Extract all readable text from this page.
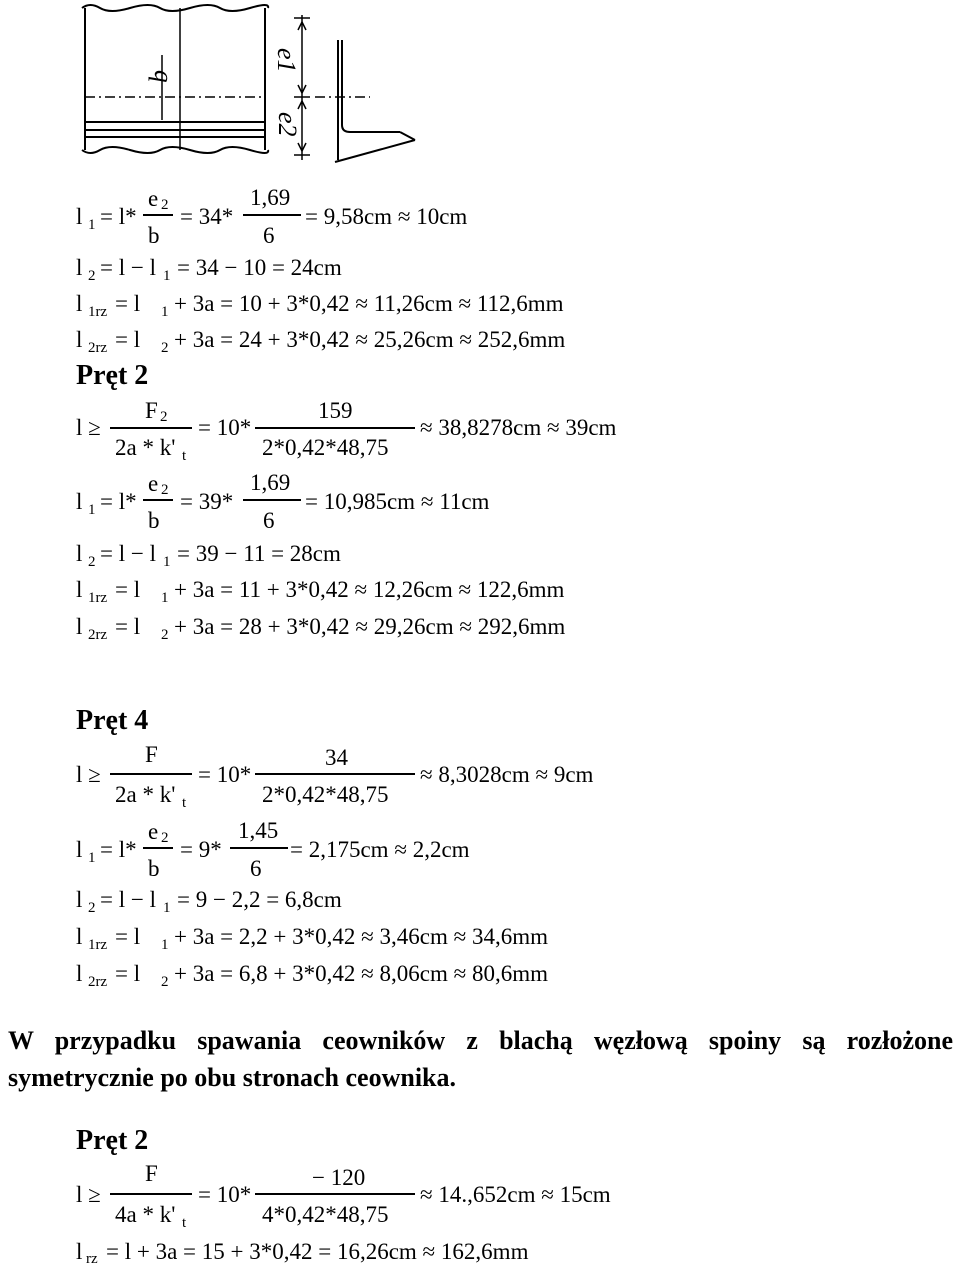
b
e1
e2
l 1 = l*
e 2
b
= 34*
1,69
6
= 9,58cm ≈ 10cm
l 2 = l − l 1 = 34 − 10 = 24cm
l 1rz = l 1 + 3a = 10 + 3*0,42 ≈ 11,26cm ≈ 112,6mm
l 2rz = l 2 + 3a = 24 + 3*0,42 ≈ 25,26cm ≈ 252,6mm
Pręt 2
l ≥
F 2
2a * k' t
= 10*
159
2*0,42*48,75
≈ 38,8278cm ≈ 39cm
l 1 = l*
e 2
b
= 39*
1,69
6
= 10,985cm ≈ 11cm
l 2 = l − l 1 = 39 − 11 = 28cm
l 1rz = l 1 + 3a = 11 + 3*0,42 ≈ 12,26cm ≈ 122,6mm
l 2rz = l 2 + 3a = 28 + 3*0,42 ≈ 29,26cm ≈ 292,6mm
Pręt 4
l ≥
F
2a * k' t
= 10*
34
2*0,42*48,75
≈ 8,3028cm ≈ 9cm
l 1 = l*
e 2
b
= 9*
1,45
6
= 2,175cm ≈ 2,2cm
l 2 = l − l 1 = 9 − 2,2 = 6,8cm
l 1rz = l 1 + 3a = 2,2 + 3*0,42 ≈ 3,46cm ≈ 34,6mm
l 2rz = l 2 + 3a = 6,8 + 3*0,42 ≈ 8,06cm ≈ 80,6mm
W przypadku spawania ceowników z blachą węzłową spoiny są rozłożone symetrycznie po obu stronach ceownika.
Pręt 2
l ≥
F
4a * k' t
= 10*
− 120
4*0,42*48,75
≈ 14.,652cm ≈ 15cm
l rz = l + 3a = 15 + 3*0,42 = 16,26cm ≈ 162,6mm
